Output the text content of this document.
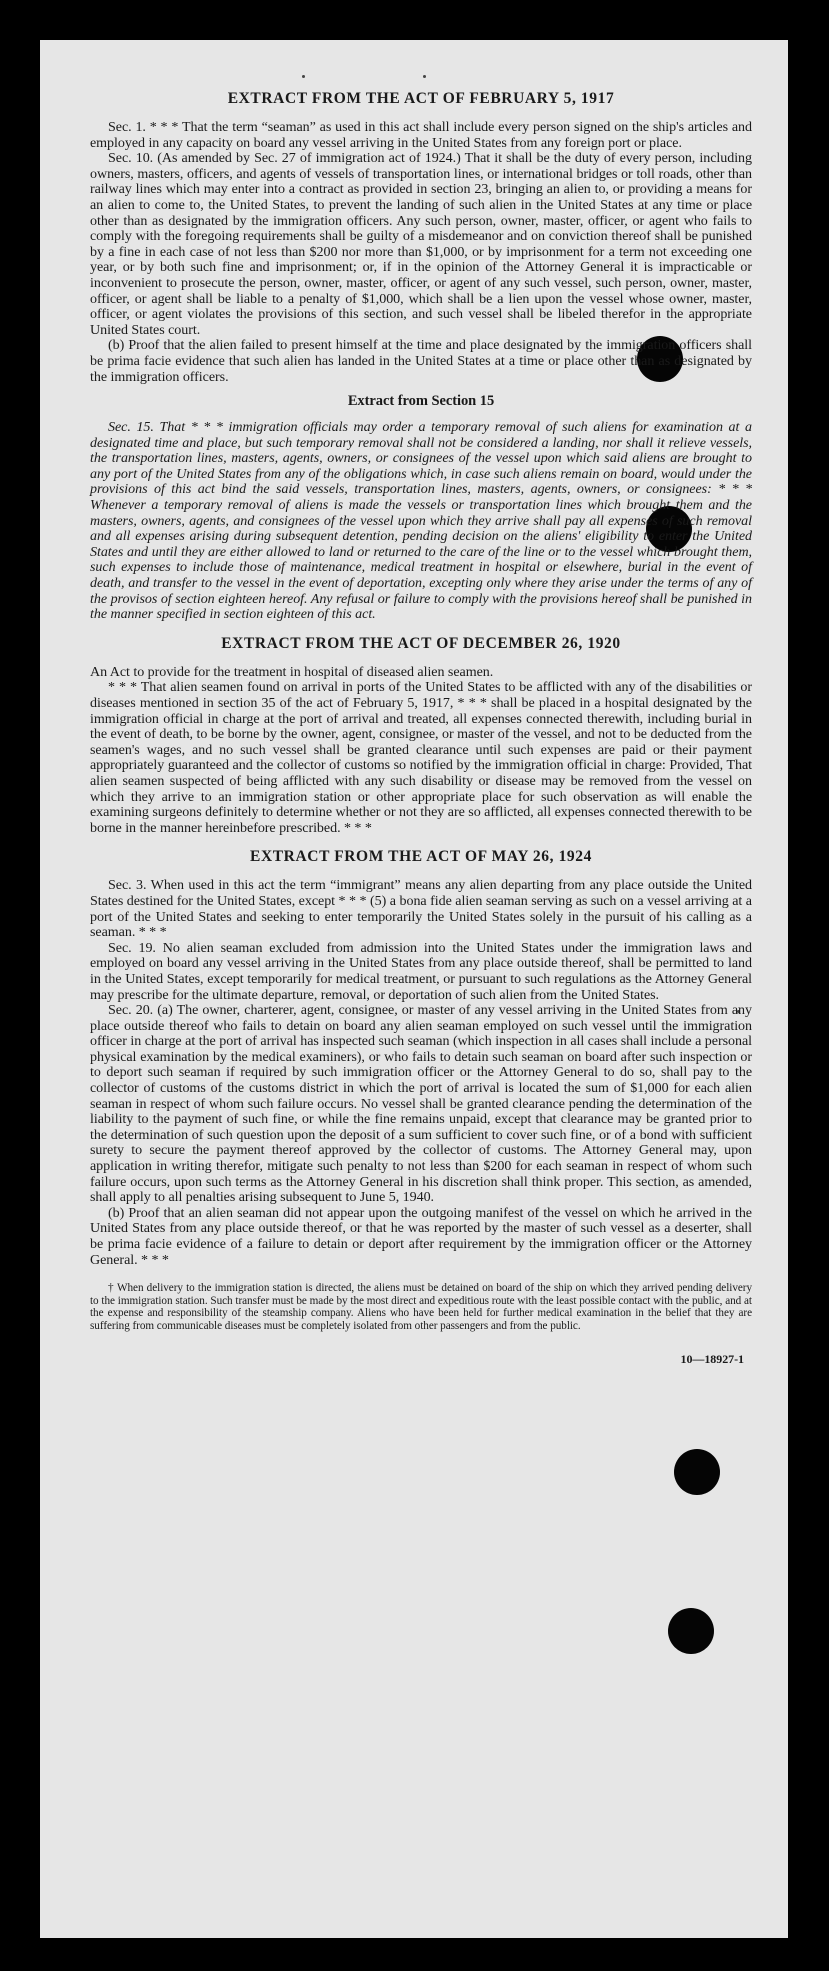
EXTRACT FROM THE ACT OF FEBRUARY 5, 1917

Sec. 1. * * * That the term “seaman” as used in this act shall include every person signed on the ship's articles and employed in any capacity on board any vessel arriving in the United States from any foreign port or place.

Sec. 10. (As amended by Sec. 27 of immigration act of 1924.) That it shall be the duty of every person, including owners, masters, officers, and agents of vessels of transportation lines, or international bridges or toll roads, other than railway lines which may enter into a contract as provided in section 23, bringing an alien to, or providing a means for an alien to come to, the United States, to prevent the landing of such alien in the United States at any time or place other than as designated by the immigration officers. Any such person, owner, master, officer, or agent who fails to comply with the foregoing requirements shall be guilty of a misdemeanor and on conviction thereof shall be punished by a fine in each case of not less than $200 nor more than $1,000, or by imprisonment for a term not exceeding one year, or by both such fine and imprisonment; or, if in the opinion of the Attorney General it is impracticable or inconvenient to prosecute the person, owner, master, officer, or agent of any such vessel, such person, owner, master, officer, or agent shall be liable to a penalty of $1,000, which shall be a lien upon the vessel whose owner, master, officer, or agent violates the provisions of this section, and such vessel shall be libeled therefor in the appropriate United States court.

(b) Proof that the alien failed to present himself at the time and place designated by the immigration officers shall be prima facie evidence that such alien has landed in the United States at a time or place other than as designated by the immigration officers.

Extract from Section 15

Sec. 15. That * * * immigration officials may order a temporary removal of such aliens for examination at a designated time and place, but such temporary removal shall not be considered a landing, nor shall it relieve vessels, the transportation lines, masters, agents, owners, or consignees of the vessel upon which said aliens are brought to any port of the United States from any of the obligations which, in case such aliens remain on board, would under the provisions of this act bind the said vessels, transportation lines, masters, agents, owners, or consignees: * * * Whenever a temporary removal of aliens is made the vessels or transportation lines which brought them and the masters, owners, agents, and consignees of the vessel upon which they arrive shall pay all expenses of such removal and all expenses arising during subsequent detention, pending decision on the aliens' eligibility to enter the United States and until they are either allowed to land or returned to the care of the line or to the vessel which brought them, such expenses to include those of maintenance, medical treatment in hospital or elsewhere, burial in the event of death, and transfer to the vessel in the event of deportation, excepting only where they arise under the terms of any of the provisos of section eighteen hereof. Any refusal or failure to comply with the provisions hereof shall be punished in the manner specified in section eighteen of this act.

EXTRACT FROM THE ACT OF DECEMBER 26, 1920

An Act to provide for the treatment in hospital of diseased alien seamen.

* * * That alien seamen found on arrival in ports of the United States to be afflicted with any of the disabilities or diseases mentioned in section 35 of the act of February 5, 1917, * * * shall be placed in a hospital designated by the immigration official in charge at the port of arrival and treated, all expenses connected therewith, including burial in the event of death, to be borne by the owner, agent, consignee, or master of the vessel, and not to be deducted from the seamen's wages, and no such vessel shall be granted clearance until such expenses are paid or their payment appropriately guaranteed and the collector of customs so notified by the immigration official in charge: Provided, That alien seamen suspected of being afflicted with any such disability or disease may be removed from the vessel on which they arrive to an immigration station or other appropriate place for such observation as will enable the examining surgeons definitely to determine whether or not they are so afflicted, all expenses connected therewith to be borne in the manner hereinbefore prescribed. * * *

EXTRACT FROM THE ACT OF MAY 26, 1924

Sec. 3. When used in this act the term “immigrant” means any alien departing from any place outside the United States destined for the United States, except * * * (5) a bona fide alien seaman serving as such on a vessel arriving at a port of the United States and seeking to enter temporarily the United States solely in the pursuit of his calling as a seaman. * * *

Sec. 19. No alien seaman excluded from admission into the United States under the immigration laws and employed on board any vessel arriving in the United States from any place outside thereof, shall be permitted to land in the United States, except temporarily for medical treatment, or pursuant to such regulations as the Attorney General may prescribe for the ultimate departure, removal, or deportation of such alien from the United States.

Sec. 20. (a) The owner, charterer, agent, consignee, or master of any vessel arriving in the United States from any place outside thereof who fails to detain on board any alien seaman employed on such vessel until the immigration officer in charge at the port of arrival has inspected such seaman (which inspection in all cases shall include a personal physical examination by the medical examiners), or who fails to detain such seaman on board after such inspection or to deport such seaman if required by such immigration officer or the Attorney General to do so, shall pay to the collector of customs of the customs district in which the port of arrival is located the sum of $1,000 for each alien seaman in respect of whom such failure occurs. No vessel shall be granted clearance pending the determination of the liability to the payment of such fine, or while the fine remains unpaid, except that clearance may be granted prior to the determination of such question upon the deposit of a sum sufficient to cover such fine, or of a bond with sufficient surety to secure the payment thereof approved by the collector of customs. The Attorney General may, upon application in writing therefor, mitigate such penalty to not less than $200 for each seaman in respect of whom such failure occurs, upon such terms as the Attorney General in his discretion shall think proper. This section, as amended, shall apply to all penalties arising subsequent to June 5, 1940.

(b) Proof that an alien seaman did not appear upon the outgoing manifest of the vessel on which he arrived in the United States from any place outside thereof, or that he was reported by the master of such vessel as a deserter, shall be prima facie evidence of a failure to detain or deport after requirement by the immigration officer or the Attorney General. * * *

† When delivery to the immigration station is directed, the aliens must be detained on board of the ship on which they arrived pending delivery to the immigration station. Such transfer must be made by the most direct and expeditious route with the least possible contact with the public, and at the expense and responsibility of the steamship company. Aliens who have been held for further medical examination in the belief that they are suffering from communicable diseases must be completely isolated from other passengers and from the public.

10—18927-1
